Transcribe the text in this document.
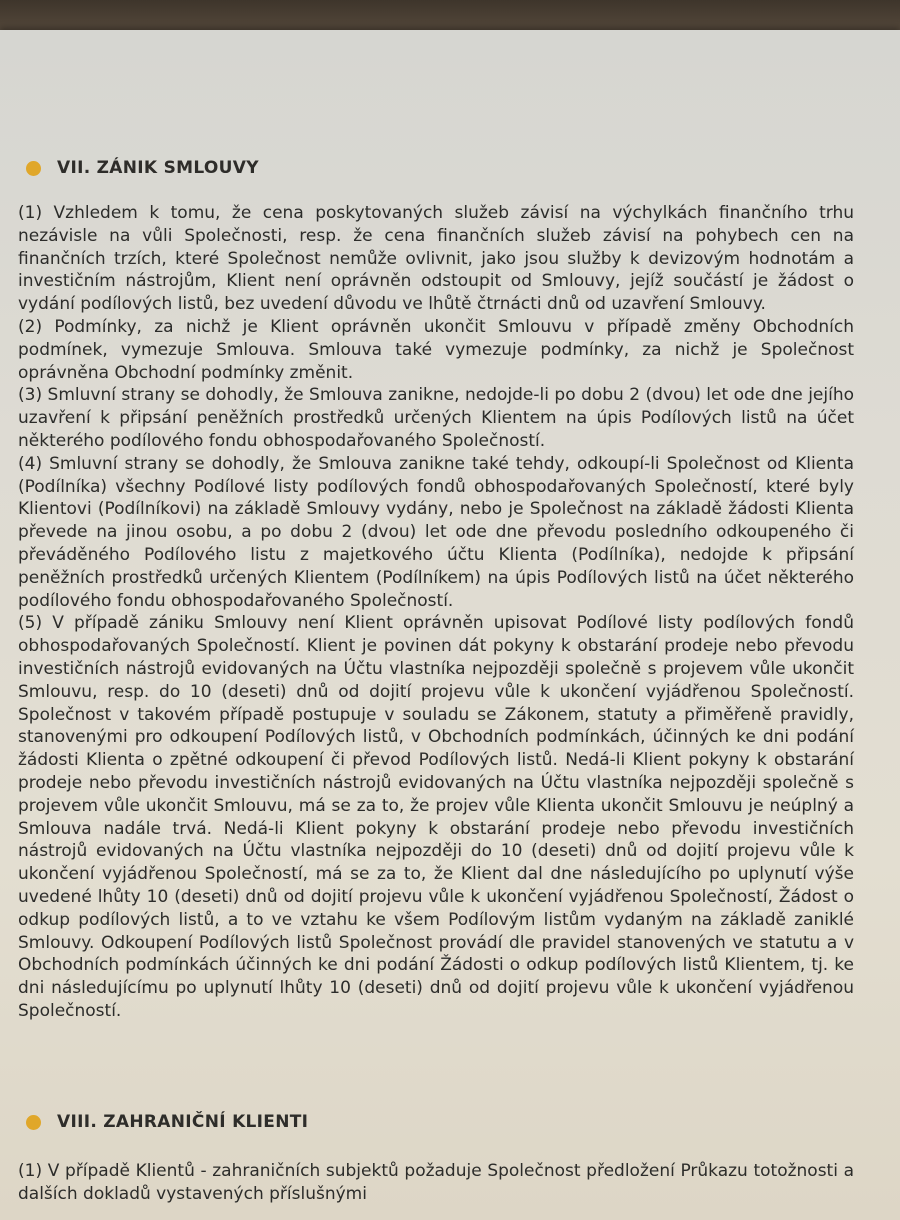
VII. ZÁNIK SMLOUVY

(1) Vzhledem k tomu, že cena poskytovaných služeb závisí na výchylkách finančního trhu nezávisle na vůli Společnosti, resp. že cena finančních služeb závisí na pohybech cen na finančních trzích, které Společnost nemůže ovlivnit, jako jsou služby k devizovým hodnotám a investičním nástrojům, Klient není oprávněn odstoupit od Smlouvy, jejíž součástí je žádost o vydání podílových listů, bez uvedení důvodu ve lhůtě čtrnácti dnů od uzavření Smlouvy.

(2) Podmínky, za nichž je Klient oprávněn ukončit Smlouvu v případě změny Obchodních podmínek, vymezuje Smlouva. Smlouva také vymezuje podmínky, za nichž je Společnost oprávněna Obchodní podmínky změnit.

(3) Smluvní strany se dohodly, že Smlouva zanikne, nedojde-li po dobu 2 (dvou) let ode dne jejího uzavření k připsání peněžních prostředků určených Klientem na úpis Podílových listů na účet některého podílového fondu obhospodařovaného Společností.

(4) Smluvní strany se dohodly, že Smlouva zanikne také tehdy, odkoupí-li Společnost od Klienta (Podílníka) všechny Podílové listy podílových fondů obhospodařovaných Společností, které byly Klientovi (Podílníkovi) na základě Smlouvy vydány, nebo je Společnost na základě žádosti Klienta převede na jinou osobu, a po dobu 2 (dvou) let ode dne převodu posledního odkoupeného či převáděného Podílového listu z majetkového účtu Klienta (Podílníka), nedojde k připsání peněžních prostředků určených Klientem (Podílníkem) na úpis Podílových listů na účet některého podílového fondu obhospodařovaného Společností.

(5) V případě zániku Smlouvy není Klient oprávněn upisovat Podílové listy podílových fondů obhospodařovaných Společností. Klient je povinen dát pokyny k obstarání prodeje nebo převodu investičních nástrojů evidovaných na Účtu vlastníka nejpozději společně s projevem vůle ukončit Smlouvu, resp. do 10 (deseti) dnů od dojití projevu vůle k ukončení vyjádřenou Společností. Společnost v takovém případě postupuje v souladu se Zákonem, statuty a přiměřeně pravidly, stanovenými pro odkoupení Podílových listů, v Obchodních podmínkách, účinných ke dni podání žádosti Klienta o zpětné odkoupení či převod Podílových listů. Nedá-li Klient pokyny k obstarání prodeje nebo převodu investičních nástrojů evidovaných na Účtu vlastníka nejpozději společně s projevem vůle ukončit Smlouvu, má se za to, že projev vůle Klienta ukončit Smlouvu je neúplný a Smlouva nadále trvá. Nedá-li Klient pokyny k obstarání prodeje nebo převodu investičních nástrojů evidovaných na Účtu vlastníka nejpozději do 10 (deseti) dnů od dojití projevu vůle k ukončení vyjádřenou Společností, má se za to, že Klient dal dne následujícího po uplynutí výše uvedené lhůty 10 (deseti) dnů od dojití projevu vůle k ukončení vyjádřenou Společností, Žádost o odkup podílových listů, a to ve vztahu ke všem Podílovým listům vydaným na základě zaniklé Smlouvy. Odkoupení Podílových listů Společnost provádí dle pravidel stanovených ve statutu a v Obchodních podmínkách účinných ke dni podání Žádosti o odkup podílových listů Klientem, tj. ke dni následujícímu po uplynutí lhůty 10 (deseti) dnů od dojití projevu vůle k ukončení vyjádřenou Společností.

VIII. ZAHRANIČNÍ KLIENTI

(1) V případě Klientů - zahraničních subjektů požaduje Společnost předložení Průkazu totožnosti a dalších dokladů vystavených příslušnými
